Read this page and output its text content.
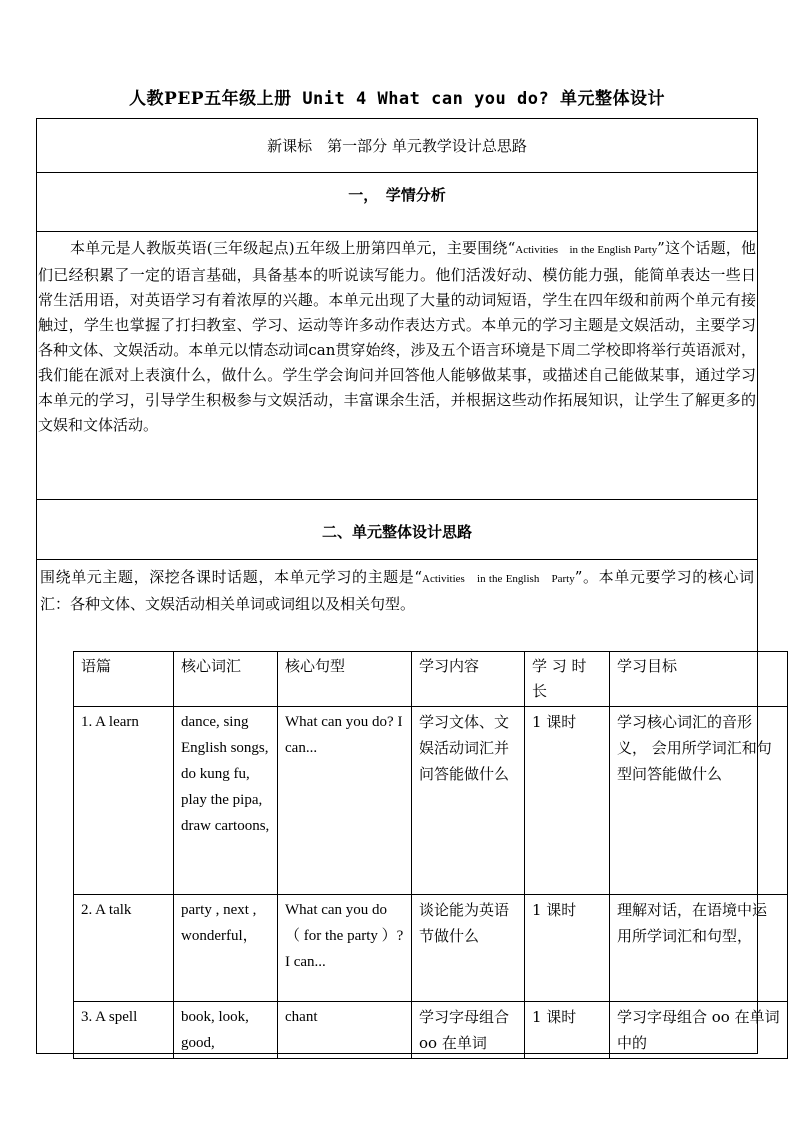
人教PEP五年级上册 Unit 4 What can you do? 单元整体设计
新课标　第一部分 单元教学设计总思路
一，　学情分析

本单元是人教版英语(三年级起点)五年级上册第四单元，主要围绕“Activities　in the English Party”这个话题，他们已经积累了一定的语言基础，具备基本的听说读写能力。他们活泼好动、模仿能力强，能简单表达一些日常生活用语，对英语学习有着浓厚的兴趣。本单元出现了大量的动词短语，学生在四年级和前两个单元有接触过，学生也掌握了打扫教室、学习、运动等许多动作表达方式。本单元的学习主题是文娱活动，主要学习各种文体、文娱活动。本单元以情态动词can贯穿始终，涉及五个语言环境是下周二学校即将举行英语派对，我们能在派对上表演什么，做什么。学生学会询问并回答他人能够做某事，或描述自己能做某事，通过学习本单元的学习，引导学生积极参与文娱活动，丰富课余生活，并根据这些动作拓展知识，让学生了解更多的文娱和文体活动。

二、单元整体设计思路

围绕单元主题，深挖各课时话题，本单元学习的主题是“Activities　in the English　Party”。本单元要学习的核心词汇：各种文体、文娱活动相关单词或词组以及相关句型。

语篇	核心词汇	核心句型	学习内容	学 习 时 长	学习目标
1. A learn	dance, sing English songs, do kung fu, play the pipa, draw cartoons,	What can you do? I can...	学习文体、文娱活动词汇并问答能做什么	1 课时	学习核心词汇的音形义， 会用所学词汇和句型问答能做什么
2. A talk	party , next , wonderful，	What can you do （ for the party ）? I can...	谈论能为英语节做什么	1 课时	理解对话，在语境中运用所学词汇和句型，
3. A spell	book, look, good,	chant	学习字母组合 oo 在单词	1 课时	学习字母组合 oo 在单词中的
